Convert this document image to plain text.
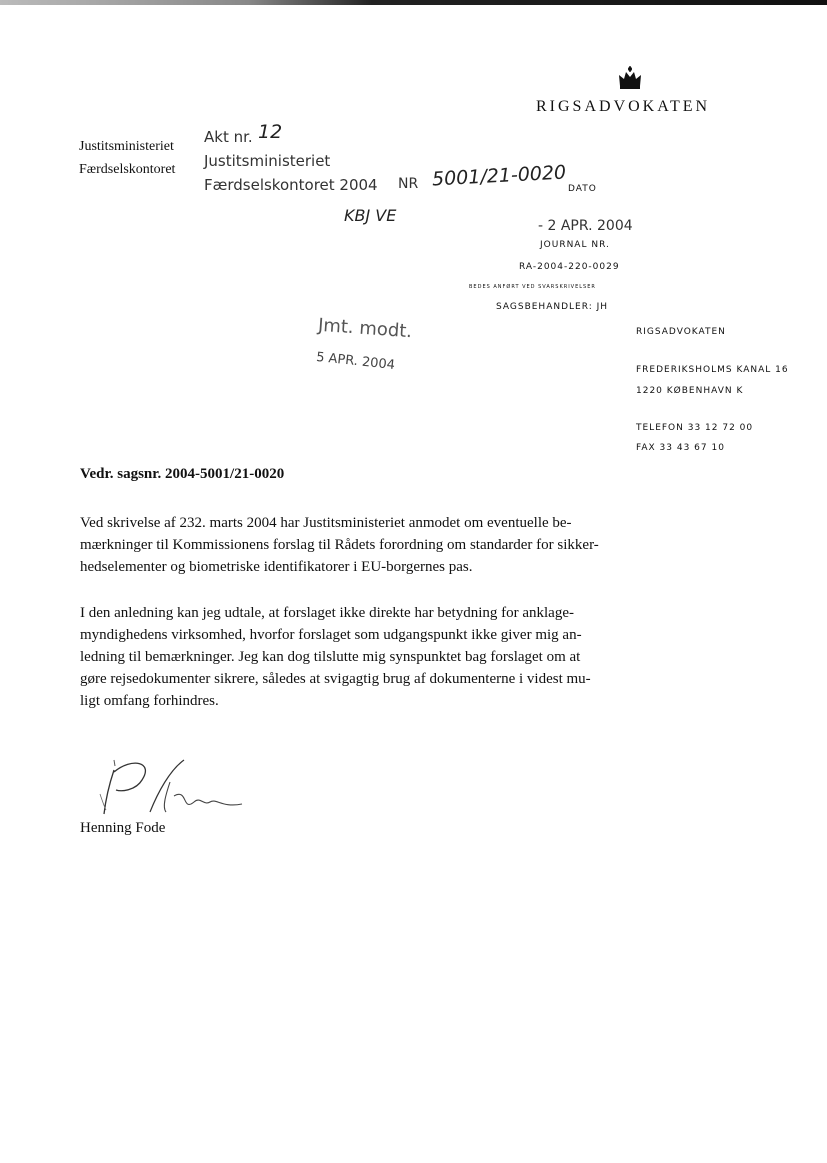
RIGSADVOKATEN
Justitsministeriet
Færdselskontoret
Akt nr. 12
Justitsministeriet
Færdselskontoret 2004 NR 5001/21-0020
KBJ VE
DATO
- 2 APR. 2004
JOURNAL NR.
RA-2004-220-0029
BEDES ANFØRT VED SVARSKRIVELSER
SAGSBEHANDLER: JH
Jmt. modt.
5 APR. 2004
RIGSADVOKATEN
FREDERIKSHOLMS KANAL 16
1220 KØBENHAVN K
TELEFON 33 12 72 00
FAX 33 43 67 10
Vedr. sagsnr. 2004-5001/21-0020
Ved skrivelse af 232. marts 2004 har Justitsministeriet anmodet om eventuelle be-
mærkninger til Kommissionens forslag til Rådets forordning om standarder for sikker-
hedselementer og biometriske identifikatorer i EU-borgernes pas.
I den anledning kan jeg udtale, at forslaget ikke direkte har betydning for anklage-
myndighedens virksomhed, hvorfor forslaget som udgangspunkt ikke giver mig an-
ledning til bemærkninger. Jeg kan dog tilslutte mig synspunktet bag forslaget om at
gøre rejsedokumenter sikrere, således at svigagtig brug af dokumenterne i videst mu-
ligt omfang forhindres.
Henning Fode
